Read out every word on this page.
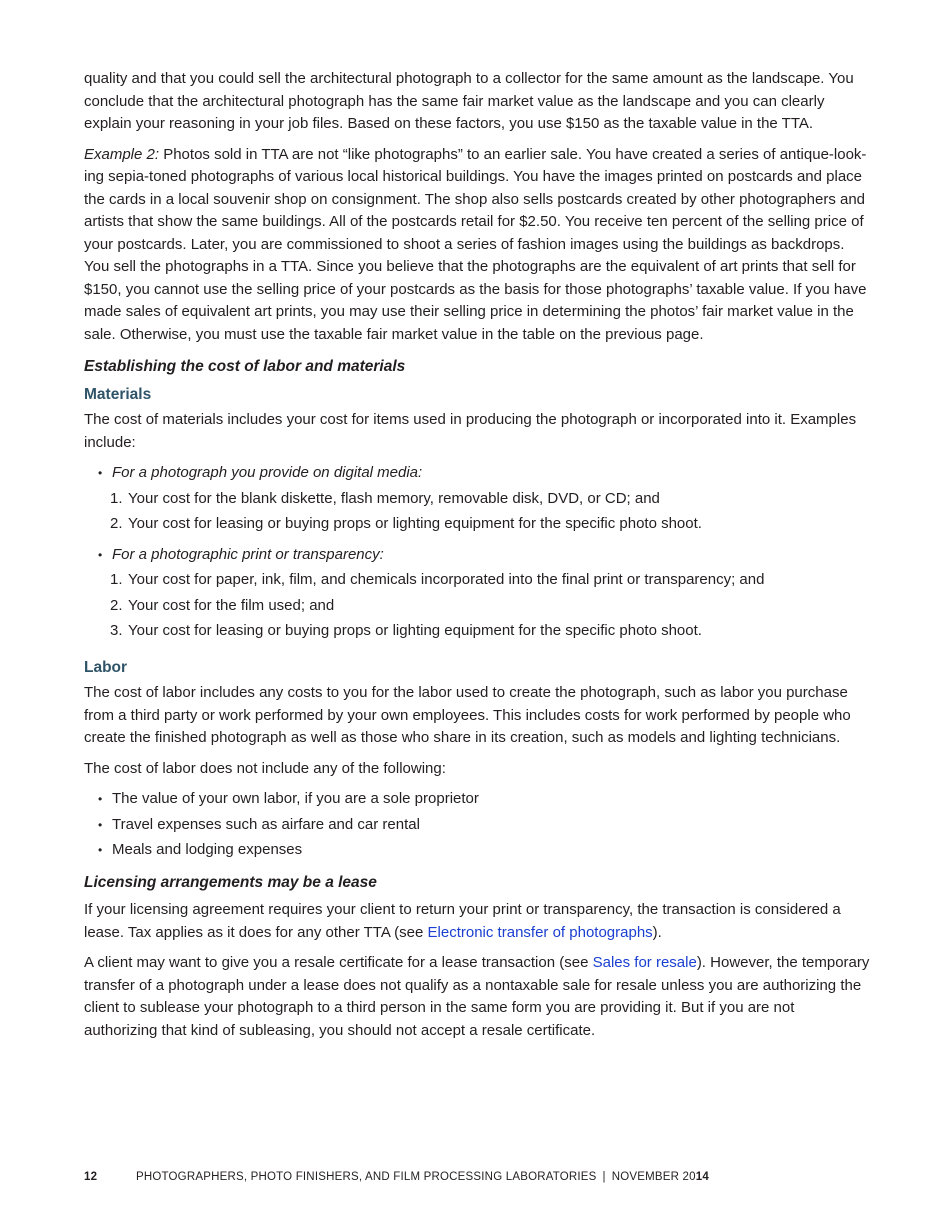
quality and that you could sell the architectural photograph to a collector for the same amount as the landscape. You conclude that the architectural photograph has the same fair market value as the landscape and you can clearly explain your reasoning in your job files. Based on these factors, you use $150 as the taxable value in the TTA.

Example 2: Photos sold in TTA are not “like photographs” to an earlier sale. You have created a series of antique-looking sepia-toned photographs of various local historical buildings. You have the images printed on postcards and place the cards in a local souvenir shop on consignment. The shop also sells postcards created by other photographers and artists that show the same buildings. All of the postcards retail for $2.50. You receive ten percent of the selling price of your postcards. Later, you are commissioned to shoot a series of fashion images using the buildings as backdrops. You sell the photographs in a TTA. Since you believe that the photographs are the equivalent of art prints that sell for $150, you cannot use the selling price of your postcards as the basis for those photographs’ taxable value. If you have made sales of equivalent art prints, you may use their selling price in determining the photos’ fair market value in the sale. Otherwise, you must use the taxable fair market value in the table on the previous page.

Establishing the cost of labor and materials
Materials

The cost of materials includes your cost for items used in producing the photograph or incorporated into it. Examples include:

• For a photograph you provide on digital media:
1. Your cost for the blank diskette, flash memory, removable disk, DVD, or CD; and
2. Your cost for leasing or buying props or lighting equipment for the specific photo shoot.
• For a photographic print or transparency:
1. Your cost for paper, ink, film, and chemicals incorporated into the final print or transparency; and
2. Your cost for the film used; and
3. Your cost for leasing or buying props or lighting equipment for the specific photo shoot.
Labor

The cost of labor includes any costs to you for the labor used to create the photograph, such as labor you purchase from a third party or work performed by your own employees. This includes costs for work performed by people who create the finished photograph as well as those who share in its creation, such as models and lighting technicians.

The cost of labor does not include any of the following:

• The value of your own labor, if you are a sole proprietor
• Travel expenses such as airfare and car rental
• Meals and lodging expenses
Licensing arrangements may be a lease

If your licensing agreement requires your client to return your print or transparency, the transaction is considered a lease. Tax applies as it does for any other TTA (see Electronic transfer of photographs).

A client may want to give you a resale certificate for a lease transaction (see Sales for resale). However, the temporary transfer of a photograph under a lease does not qualify as a nontaxable sale for resale unless you are authorizing the client to sublease your photograph to a third person in the same form you are providing it. But if you are not authorizing that kind of subleasing, you should not accept a resale certificate.

12	PHOTOGRAPHERS, PHOTO FINISHERS, AND FILM PROCESSING LABORATORIES | NOVEMBER 2014
